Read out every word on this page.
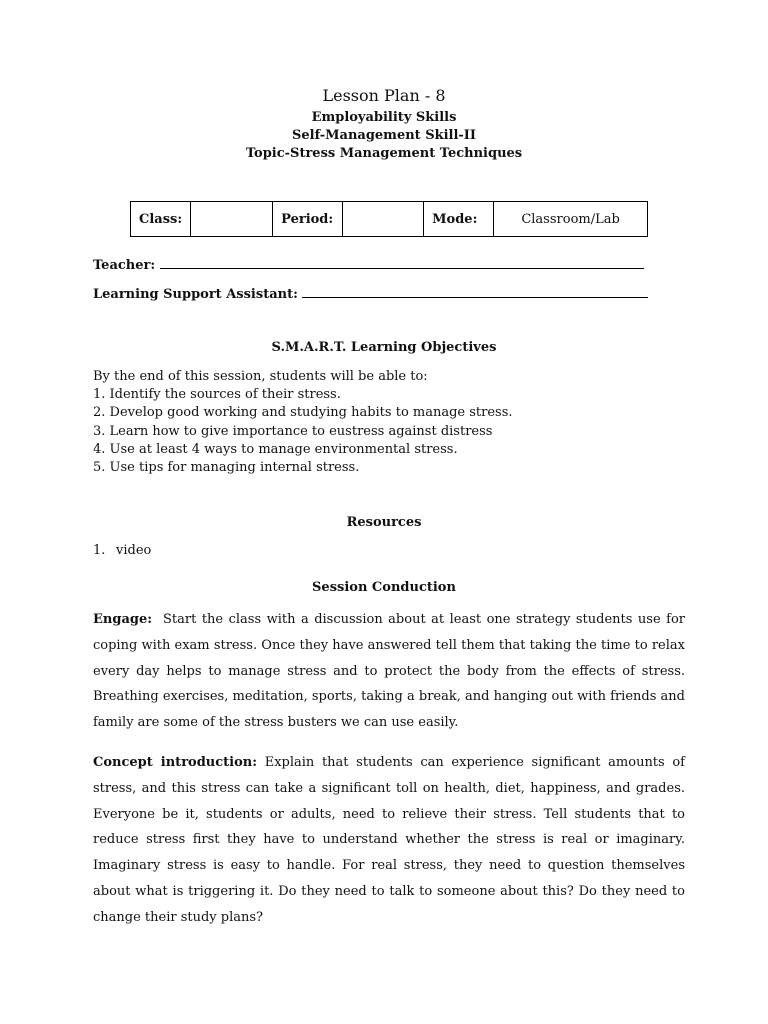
Lesson Plan - 8
Employability Skills
Self-Management Skill-II
Topic-Stress Management Techniques
Class:		Period:		Mode:	Classroom/Lab
Teacher:
Learning Support Assistant:
S.M.A.R.T. Learning Objectives
By the end of this session, students will be able to:
1. Identify the sources of their stress.
2. Develop good working and studying habits to manage stress.
3. Learn how to give importance to eustress against distress
4. Use at least 4 ways to manage environmental stress.
5. Use tips for managing internal stress.
Resources
1. video
Session Conduction
Engage: Start the class with a discussion about at least one strategy students use for coping with exam stress. Once they have answered tell them that taking the time to relax every day helps to manage stress and to protect the body from the effects of stress. Breathing exercises, meditation, sports, taking a break, and hanging out with friends and family are some of the stress busters we can use easily.
Concept introduction: Explain that students can experience significant amounts of stress, and this stress can take a significant toll on health, diet, happiness, and grades. Everyone be it, students or adults, need to relieve their stress. Tell students that to reduce stress first they have to understand whether the stress is real or imaginary. Imaginary stress is easy to handle. For real stress, they need to question themselves about what is triggering it. Do they need to talk to someone about this? Do they need to change their study plans?
